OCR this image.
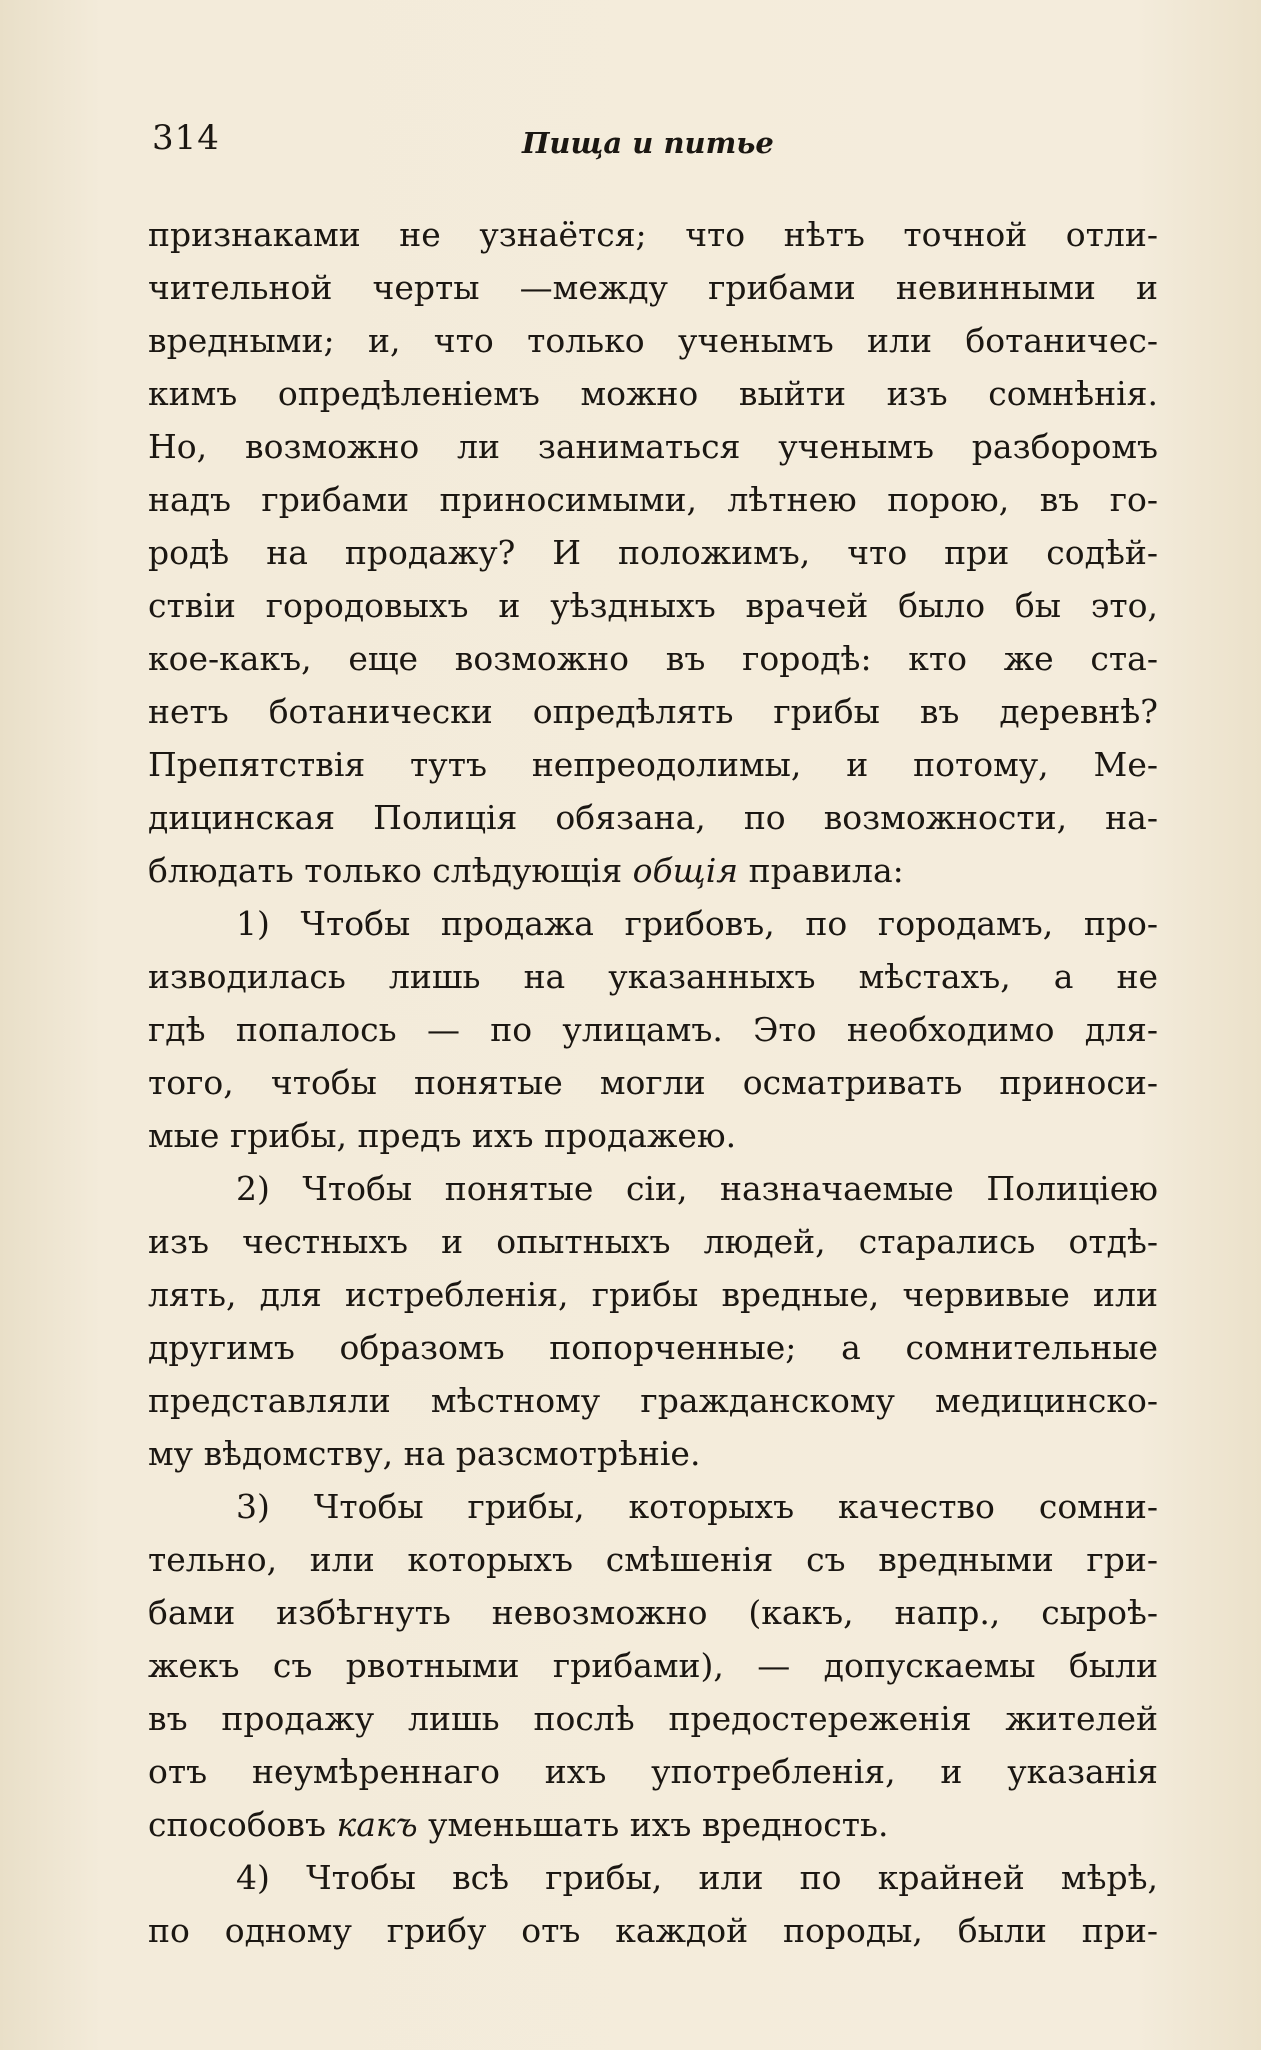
314	Пища и питье
признаками не узнаётся; что нѣтъ точной отли-
чительной черты —между грибами невинными и
вредными; и, что только ученымъ или ботаничес-
кимъ опредѣленіемъ можно выйти изъ сомнѣнія.
Но, возможно ли заниматься ученымъ разборомъ
надъ грибами приносимыми, лѣтнею порою, въ го-
родѣ на продажу? И положимъ, что при содѣй-
ствіи городовыхъ и уѣздныхъ врачей было бы это,
кое-какъ, еще возможно въ городѣ: кто же ста-
нетъ ботанически опредѣлять грибы въ деревнѣ?
Препятствія тутъ непреодолимы, и потому, Ме-
дицинская Полиція обязана, по возможности, на-
блюдать только слѣдующія общія правила:
1) Чтобы продажа грибовъ, по городамъ, про-
изводилась лишь на указанныхъ мѣстахъ, а не
гдѣ попалось — по улицамъ. Это необходимо для-
того, чтобы понятые могли осматривать приноси-
мые грибы, предъ ихъ продажею.
2) Чтобы понятые сіи, назначаемые Полиціею
изъ честныхъ и опытныхъ людей, старались отдѣ-
лять, для истребленія, грибы вредные, червивые или
другимъ образомъ попорченные; а сомнительные
представляли мѣстному гражданскому медицинско-
му вѣдомству, на разсмотрѣніе.
3) Чтобы грибы, которыхъ качество сомни-
тельно, или которыхъ смѣшенія съ вредными гри-
бами избѣгнуть невозможно (какъ, напр., сыроѣ-
жекъ съ рвотными грибами), — допускаемы были
въ продажу лишь послѣ предостереженія жителей
отъ неумѣреннаго ихъ употребленія, и указанія
способовъ какъ уменьшать ихъ вредность.
4) Чтобы всѣ грибы, или по крайней мѣрѣ,
по одному грибу отъ каждой породы, были при-
